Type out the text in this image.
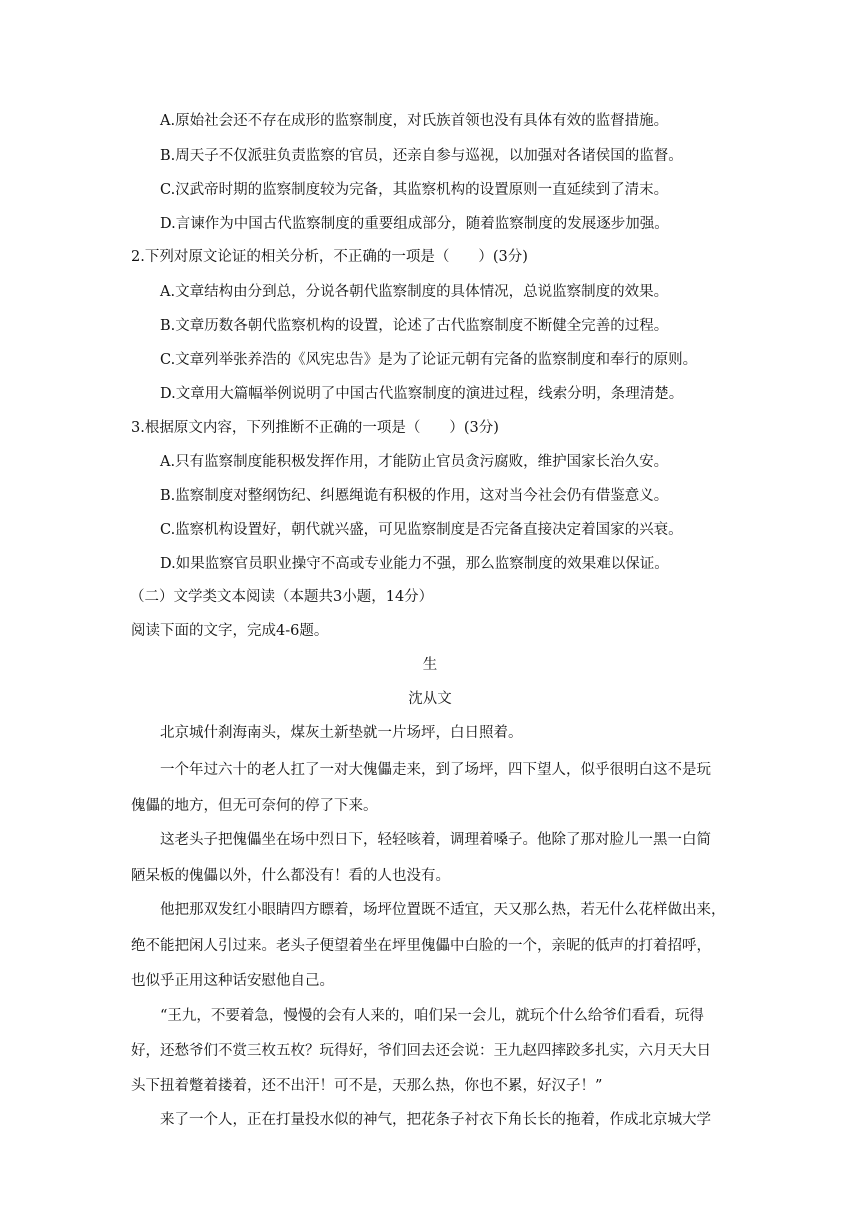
A.原始社会还不存在成形的监察制度，对氏族首领也没有具体有效的监督措施。
B.周天子不仅派驻负责监察的官员，还亲自参与巡视，以加强对各诸侯国的监督。
C.汉武帝时期的监察制度较为完备，其监察机构的设置原则一直延续到了清末。
D.言谏作为中国古代监察制度的重要组成部分，随着监察制度的发展逐步加强。
2.下列对原文论证的相关分析，不正确的一项是（　　）(3分)
A.文章结构由分到总，分说各朝代监察制度的具体情况，总说监察制度的效果。
B.文章历数各朝代监察机构的设置，论述了古代监察制度不断健全完善的过程。
C.文章列举张养浩的《风宪忠告》是为了论证元朝有完备的监察制度和奉行的原则。
D.文章用大篇幅举例说明了中国古代监察制度的演进过程，线索分明，条理清楚。
3.根据原文内容，下列推断不正确的一项是（　　）(3分)
A.只有监察制度能积极发挥作用，才能防止官员贪污腐败，维护国家长治久安。
B.监察制度对整纲饬纪、纠慝绳诡有积极的作用，这对当今社会仍有借鉴意义。
C.监察机构设置好，朝代就兴盛，可见监察制度是否完备直接决定着国家的兴衰。
D.如果监察官员职业操守不高或专业能力不强，那么监察制度的效果难以保证。
（二）文学类文本阅读（本题共3小题，14分）
阅读下面的文字，完成4-6题。
生
沈从文
北京城什刹海南头，煤灰土新垫就一片场坪，白日照着。
一个年过六十的老人扛了一对大傀儡走来，到了场坪，四下望人，似乎很明白这不是玩
傀儡的地方，但无可奈何的停了下来。
这老头子把傀儡坐在场中烈日下，轻轻咳着，调理着嗓子。他除了那对脸儿一黑一白简
陋呆板的傀儡以外，什么都没有！看的人也没有。
他把那双发红小眼睛四方瞟着，场坪位置既不适宜，天又那么热，若无什么花样做出来，
绝不能把闲人引过来。老头子便望着坐在坪里傀儡中白脸的一个，亲昵的低声的打着招呼，
也似乎正用这种话安慰他自己。
“王九，不要着急，慢慢的会有人来的，咱们呆一会儿，就玩个什么给爷们看看，玩得
好，还愁爷们不赏三枚五枚？玩得好，爷们回去还会说：王九赵四摔跤多扎实，六月天大日
头下扭着蹩着搂着，还不出汗！可不是，天那么热，你也不累，好汉子！”
来了一个人，正在打量投水似的神气，把花条子衬衣下角长长的拖着，作成北京城大学
